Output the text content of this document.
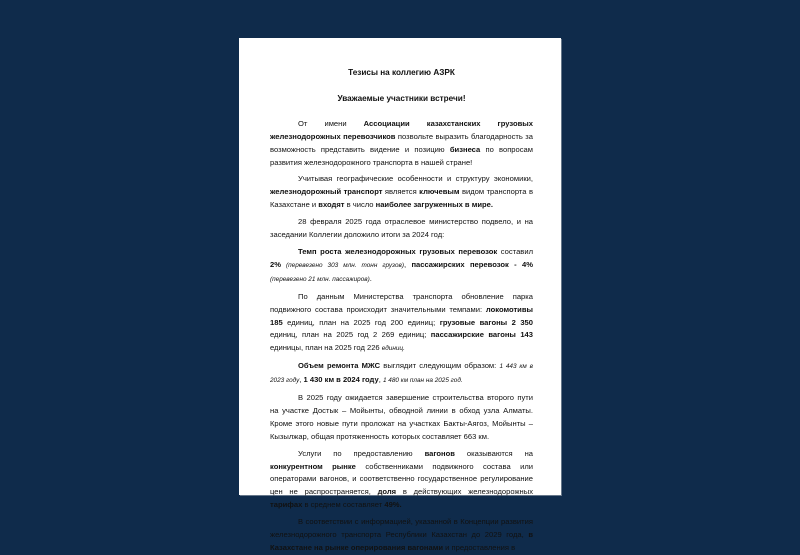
Тезисы на коллегию АЗРК
Уважаемые участники встречи!

От имени Ассоциации казахстанских грузовых железнодорожных перевозчиков позвольте выразить благодарность за возможность представить видение и позицию бизнеса по вопросам развития железнодорожного транспорта в нашей стране!

Учитывая географические особенности и структуру экономики, железнодорожный транспорт является ключевым видом транспорта в Казахстане и входят в число наиболее загруженных в мире.

28 февраля 2025 года отраслевое министерство подвело, и на заседании Коллегии доложило итоги за 2024 год:

Темп роста железнодорожных грузовых перевозок составил 2% (перевезено 303 млн. тонн грузов), пассажирских перевозок - 4% (перевезено 21 млн. пассажиров).

По данным Министерства транспорта обновление парка подвижного состава происходит значительными темпами: локомотивы 185 единиц, план на 2025 год 200 единиц; грузовые вагоны 2 350 единиц, план на 2025 год 2 269 единиц; пассажирские вагоны 143 единицы, план на 2025 год 226 единиц.

Объем ремонта МЖС выглядит следующим образом: 1 443 км в 2023 году, 1 430 км в 2024 году, 1 480 км план на 2025 год.

В 2025 году ожидается завершение строительства второго пути на участке Достык – Мойынты, обводной линии в обход узла Алматы. Кроме этого новые пути проложат на участках Бакты-Аягоз, Мойынты – Кызылжар, общая протяженность которых составляет 663 км.

Услуги по предоставлению вагонов оказываются на конкурентном рынке собственниками подвижного состава или операторами вагонов, и соответственно государственное регулирование цен не распространяется, доля в действующих железнодорожных тарифах в среднем составляет 49%.

В соответствии с информацией, указанной в Концепции развития железнодорожного транспорта Республики Казахстан до 2029 года, в Казахстане на рынке оперирования вагонами и предоставления в
